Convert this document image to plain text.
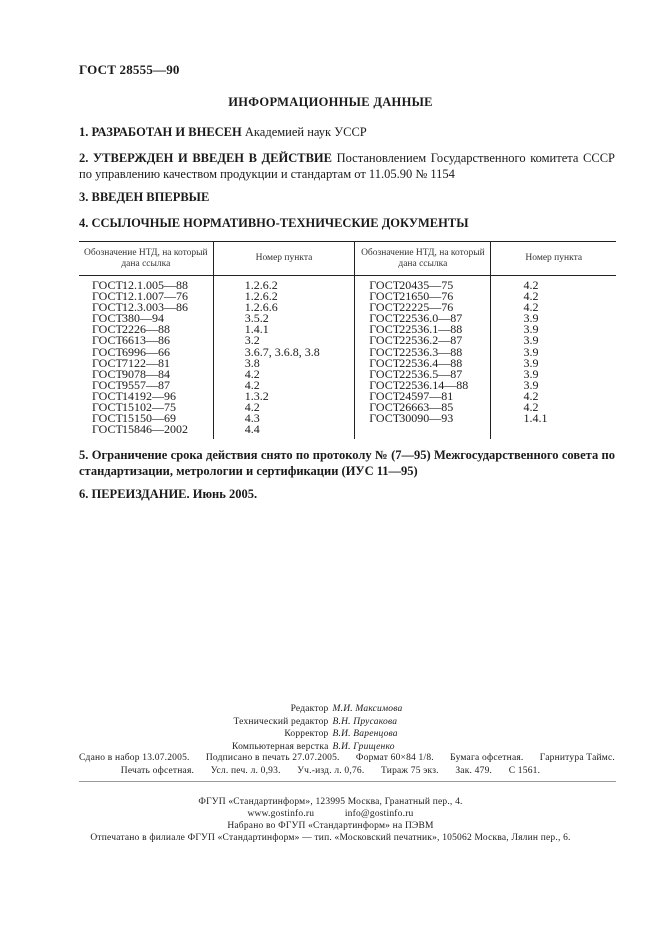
ГОСТ 28555—90
ИНФОРМАЦИОННЫЕ ДАННЫЕ
1. РАЗРАБОТАН И ВНЕСЕН Академией наук УССР
2. УТВЕРЖДЕН И ВВЕДЕН В ДЕЙСТВИЕ Постановлением Государственного комитета СССР по управлению качеством продукции и стандартам от 11.05.90 № 1154
3. ВВЕДЕН ВПЕРВЫЕ
4. ССЫЛОЧНЫЕ НОРМАТИВНО-ТЕХНИЧЕСКИЕ ДОКУМЕНТЫ
Обозначение НТД, на который дана ссылка	Номер пункта	Обозначение НТД, на который дана ссылка	Номер пункта
ГОСТ12.1.005—88	1.2.6.2	ГОСТ20435—75	4.2
ГОСТ12.1.007—76	1.2.6.2	ГОСТ21650—76	4.2
ГОСТ12.3.003—86	1.2.6.6	ГОСТ22225—76	4.2
ГОСТ380—94	3.5.2	ГОСТ22536.0—87	3.9
ГОСТ2226—88	1.4.1	ГОСТ22536.1—88	3.9
ГОСТ6613—86	3.2	ГОСТ22536.2—87	3.9
ГОСТ6996—66	3.6.7, 3.6.8, 3.8	ГОСТ22536.3—88	3.9
ГОСТ7122—81	3.8	ГОСТ22536.4—88	3.9
ГОСТ9078—84	4.2	ГОСТ22536.5—87	3.9
ГОСТ9557—87	4.2	ГОСТ22536.14—88	3.9
ГОСТ14192—96	1.3.2	ГОСТ24597—81	4.2
ГОСТ15102—75	4.2	ГОСТ26663—85	4.2
ГОСТ15150—69	4.3	ГОСТ30090—93	1.4.1
ГОСТ15846—2002	4.4		
5. Ограничение срока действия снято по протоколу № (7—95) Межгосударственного совета по стандартизации, метрологии и сертификации (ИУС 11—95)
6. ПЕРЕИЗДАНИЕ. Июнь 2005.
Редактор М.И. Максимова
Технический редактор В.Н. Прусакова
Корректор В.И. Варенцова
Компьютерная верстка В.И. Грищенко
Сдано в набор 13.07.2005. Подписано в печать 27.07.2005. Формат 60×84 1/8. Бумага офсетная. Гарнитура Таймс.
Печать офсетная. Усл. печ. л. 0,93. Уч.-изд. л. 0,76. Тираж 75 экз. Зак. 479. С 1561.
ФГУП «Стандартинформ», 123995 Москва, Гранатный пер., 4.
www.gostinfo.ru	info@gostinfo.ru
Набрано во ФГУП «Стандартинформ» на ПЭВМ
Отпечатано в филиале ФГУП «Стандартинформ» — тип. «Московский печатник», 105062 Москва, Лялин пер., 6.
